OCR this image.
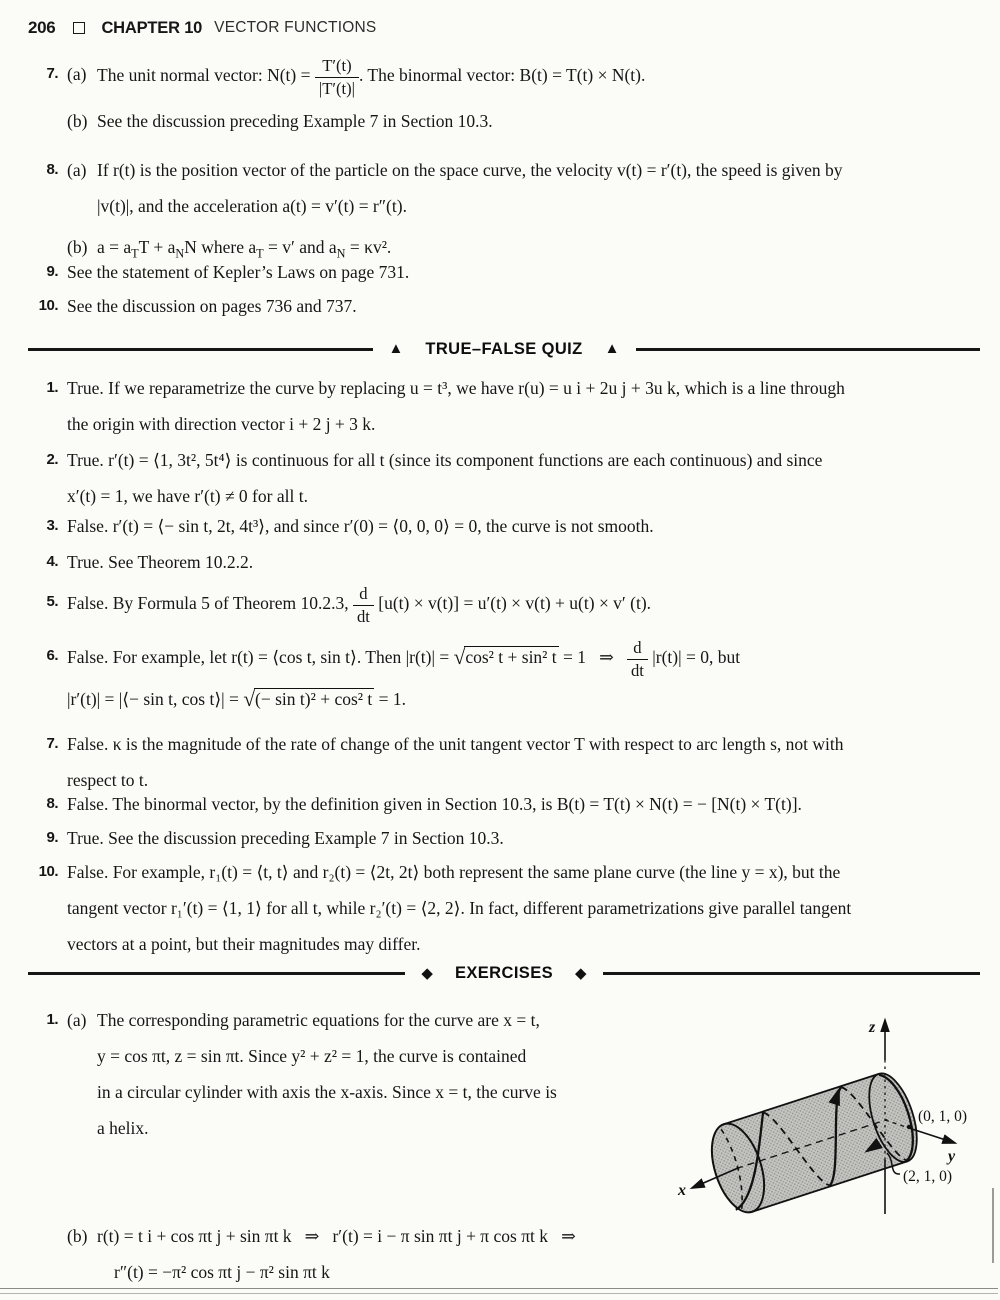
206	CHAPTER 10 VECTOR FUNCTIONS
7. (a) The unit normal vector: $N(t) = \frac{T'(t)}{|T'(t)|}$ . The binormal vector: B(t) = T(t) × N(t).
(b) See the discussion preceding Example 7 in Section 10.3.
8. (a) If r(t) is the position vector of the particle on the space curve, the velocity v(t) = r′(t), the speed is given by
|v(t)|, and the acceleration a(t) = v′(t) = r″(t).
(b) $a = a_TT + a_NN$ where $a_T = v'$ and $a_N = \kappa v^2$.
9. See the statement of Kepler’s Laws on page 731.
10. See the discussion on pages 736 and 737.
▲ TRUE–FALSE QUIZ ▲
1. True. If we reparametrize the curve by replacing u = t³, we have r(u) = u i + 2u j + 3u k, which is a line through
the origin with direction vector i + 2 j + 3 k.
2. True. r′(t) = ⟨1, 3t², 5t⁴⟩ is continuous for all t (since its component functions are each continuous) and since
x′(t) = 1, we have r′(t) ≠ 0 for all t.
3. False. r′(t) = ⟨− sin t, 2t, 4t³⟩, and since r′(0) = ⟨0, 0, 0⟩ = 0, the curve is not smooth.
4. True. See Theorem 10.2.2.
5. False. By Formula 5 of Theorem 10.2.3, $\frac{d}{dt} [u(t) \times v(t)] = u'(t) \times v(t) + u(t) \times v'$ (t).
6. False. For example, let r(t) = ⟨cos t, sin t⟩. Then |r(t)| = √cos² t + sin² t = 1   ⇒ $\frac{d}{dt} |r(t)| = 0$, but
|r′(t)| = |⟨− sin t, cos t⟩| = √(− sin t)² + cos² t = 1.
7. False. κ is the magnitude of the rate of change of the unit tangent vector T with respect to arc length s, not with
respect to t.
8. False. The binormal vector, by the definition given in Section 10.3, is B(t) = T(t) × N(t) = − [N(t) × T(t)].
9. True. See the discussion preceding Example 7 in Section 10.3.
10. False. For example, r₁(t) = ⟨t, t⟩ and r₂(t) = ⟨2t, 2t⟩ both represent the same plane curve (the line y = x), but the
tangent vector r₁′(t) = ⟨1, 1⟩ for all t, while r₂′(t) = ⟨2, 2⟩. In fact, different parametrizations give parallel tangent
vectors at a point, but their magnitudes may differ.
◆ EXERCISES ◆
1. (a) The corresponding parametric equations for the curve are x = t,
y = cos πt, z = sin πt. Since y² + z² = 1, the curve is contained
in a circular cylinder with axis the x-axis. Since x = t, the curve is
a helix.
(b) r(t) = t i + cos πt j + sin πt k   ⇒   r′(t) = i − π sin πt j + π cos πt k   ⇒
r″(t) = −π² cos πt j − π² sin πt k
z
y
x
(0, 1, 0)
(2, 1, 0)
